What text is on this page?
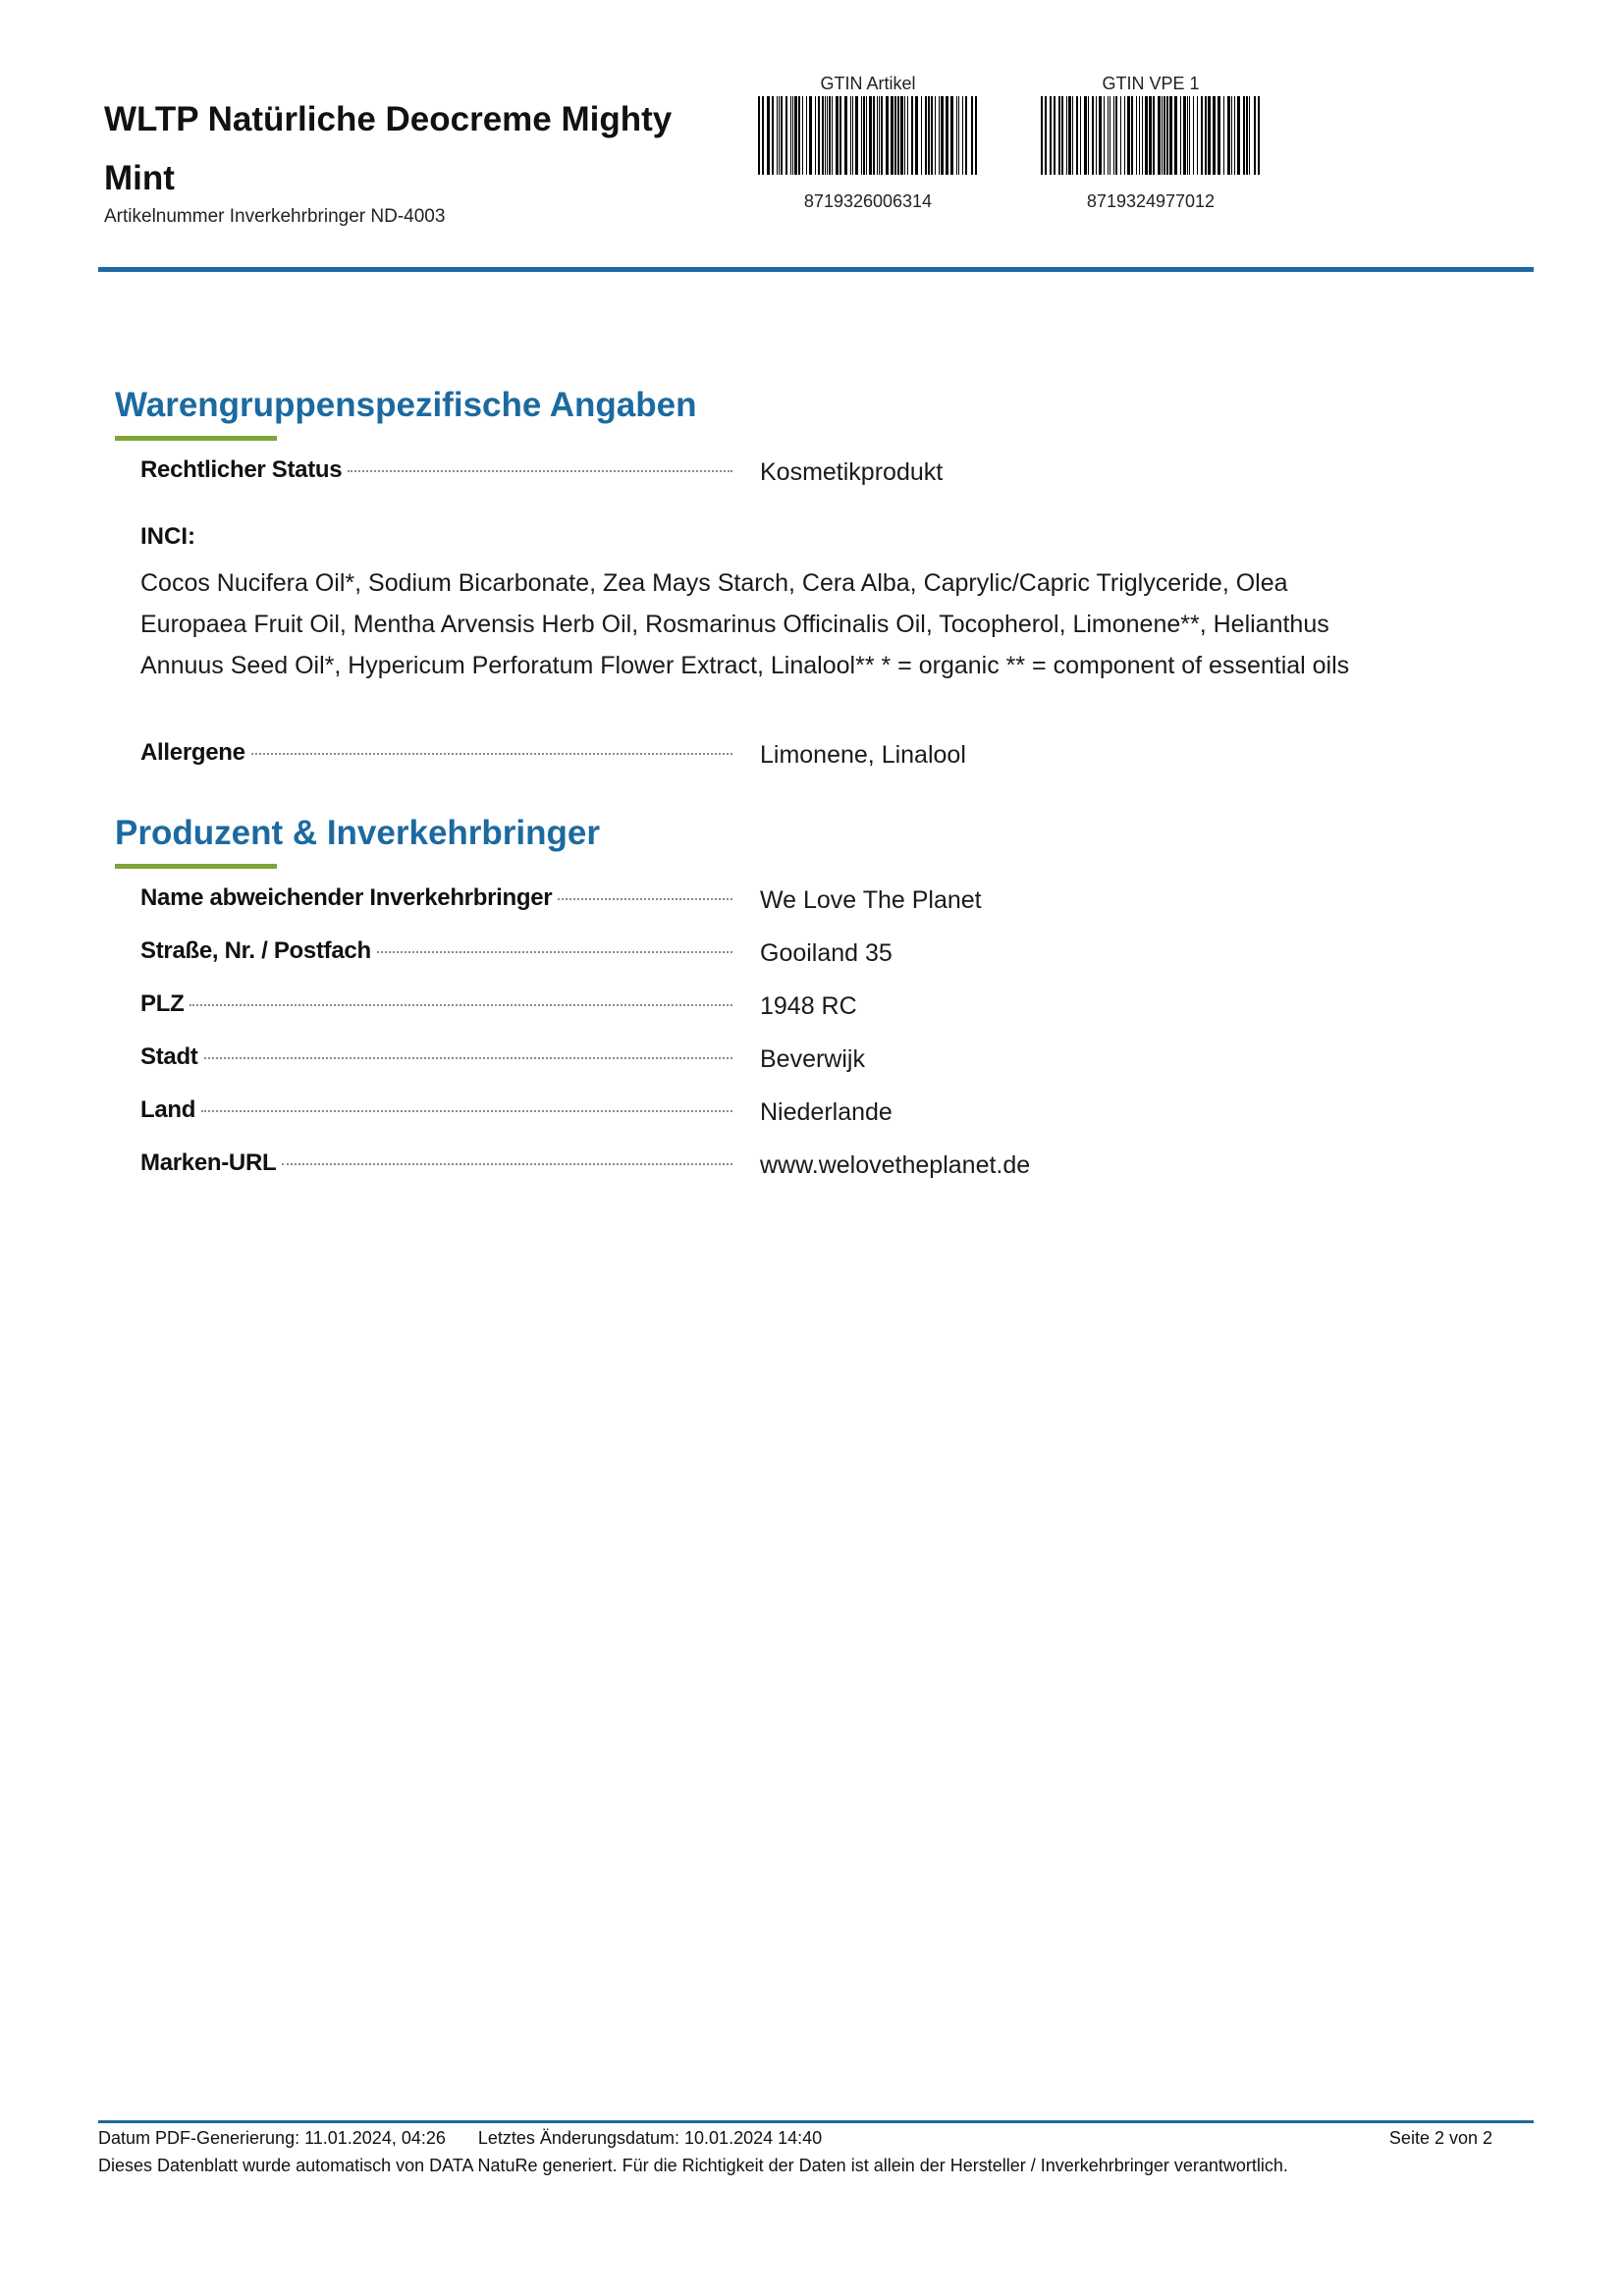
WLTP Natürliche Deocreme Mighty Mint
Artikelnummer Inverkehrbringer ND-4003
GTIN Artikel
8719326006314
GTIN VPE 1
8719324977012
Warengruppenspezifische Angaben
Rechtlicher Status	Kosmetikprodukt
INCI:
Cocos Nucifera Oil*, Sodium Bicarbonate, Zea Mays Starch, Cera Alba, Caprylic/Capric Triglyceride, Olea Europaea Fruit Oil, Mentha Arvensis Herb Oil, Rosmarinus Officinalis Oil, Tocopherol, Limonene**, Helianthus Annuus Seed Oil*, Hypericum Perforatum Flower Extract, Linalool** * = organic ** = component of essential oils
Allergene	Limonene, Linalool
Produzent & Inverkehrbringer
Name abweichender Inverkehrbringer	We Love The Planet
Straße, Nr. / Postfach	Gooiland 35
PLZ	1948 RC
Stadt	Beverwijk
Land	Niederlande
Marken-URL	www.welovetheplanet.de
Datum PDF-Generierung: 11.01.2024, 04:26 Letztes Änderungsdatum: 10.01.2024 14:40	Seite 2 von 2
Dieses Datenblatt wurde automatisch von DATA NatuRe generiert. Für die Richtigkeit der Daten ist allein der Hersteller / Inverkehrbringer verantwortlich.
